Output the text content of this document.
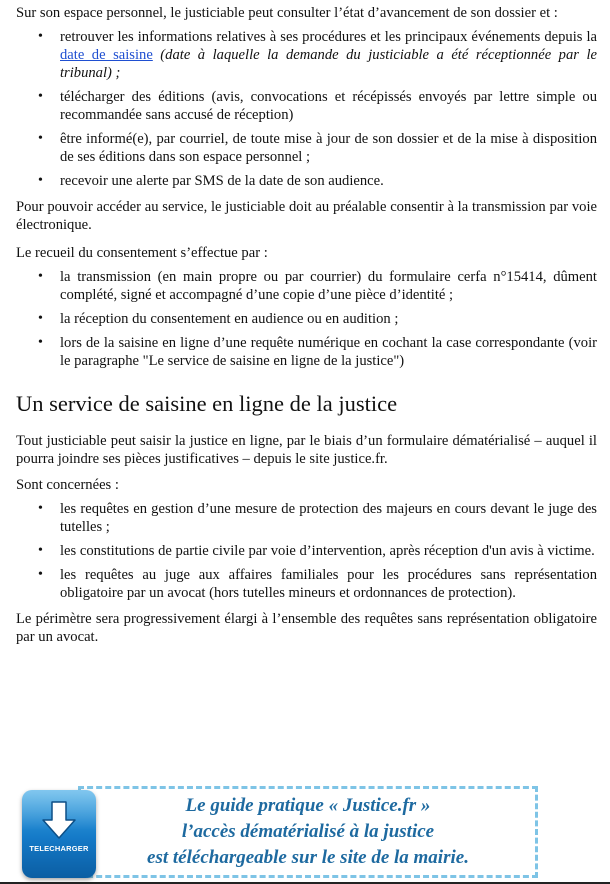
Sur son espace personnel, le justiciable peut consulter l’état d’avancement de son dossier et :

• retrouver les informations relatives à ses procédures et les principaux événements depuis la date de saisine (date à laquelle la demande du justiciable a été réceptionnée par le tribunal) ;
• télécharger des éditions (avis, convocations et récépissés envoyés par lettre simple ou recommandée sans accusé de réception)
• être informé(e), par courriel, de toute mise à jour de son dossier et de la mise à disposition de ses éditions dans son espace personnel ;
• recevoir une alerte par SMS de la date de son audience.

Pour pouvoir accéder au service, le justiciable doit au préalable consentir à la transmission par voie électronique.

Le recueil du consentement s’effectue par :

• la transmission (en main propre ou par courrier) du formulaire cerfa n°15414, dûment complété, signé et accompagné d’une copie d’une pièce d’identité ;
• la réception du consentement en audience ou en audition ;
• lors de la saisine en ligne d’une requête numérique en cochant la case correspondante (voir le paragraphe "Le service de saisine en ligne de la justice")
Un service de saisine en ligne de la justice

Tout justiciable peut saisir la justice en ligne, par le biais d’un formulaire dématérialisé – auquel il pourra joindre ses pièces justificatives – depuis le site justice.fr.

Sont concernées :

• les requêtes en gestion d’une mesure de protection des majeurs en cours devant le juge des tutelles ;
• les constitutions de partie civile par voie d’intervention, après réception d'un avis à victime.
• les requêtes au juge aux affaires familiales pour les procédures sans représentation obligatoire par un avocat (hors tutelles mineurs et ordonnances de protection).

Le périmètre sera progressivement élargi à l’ensemble des requêtes sans représentation obligatoire par un avocat.

Le guide pratique « Justice.fr »
l’accès dématérialisé à la justice
est téléchargeable sur le site de la mairie.
TELECHARGER
